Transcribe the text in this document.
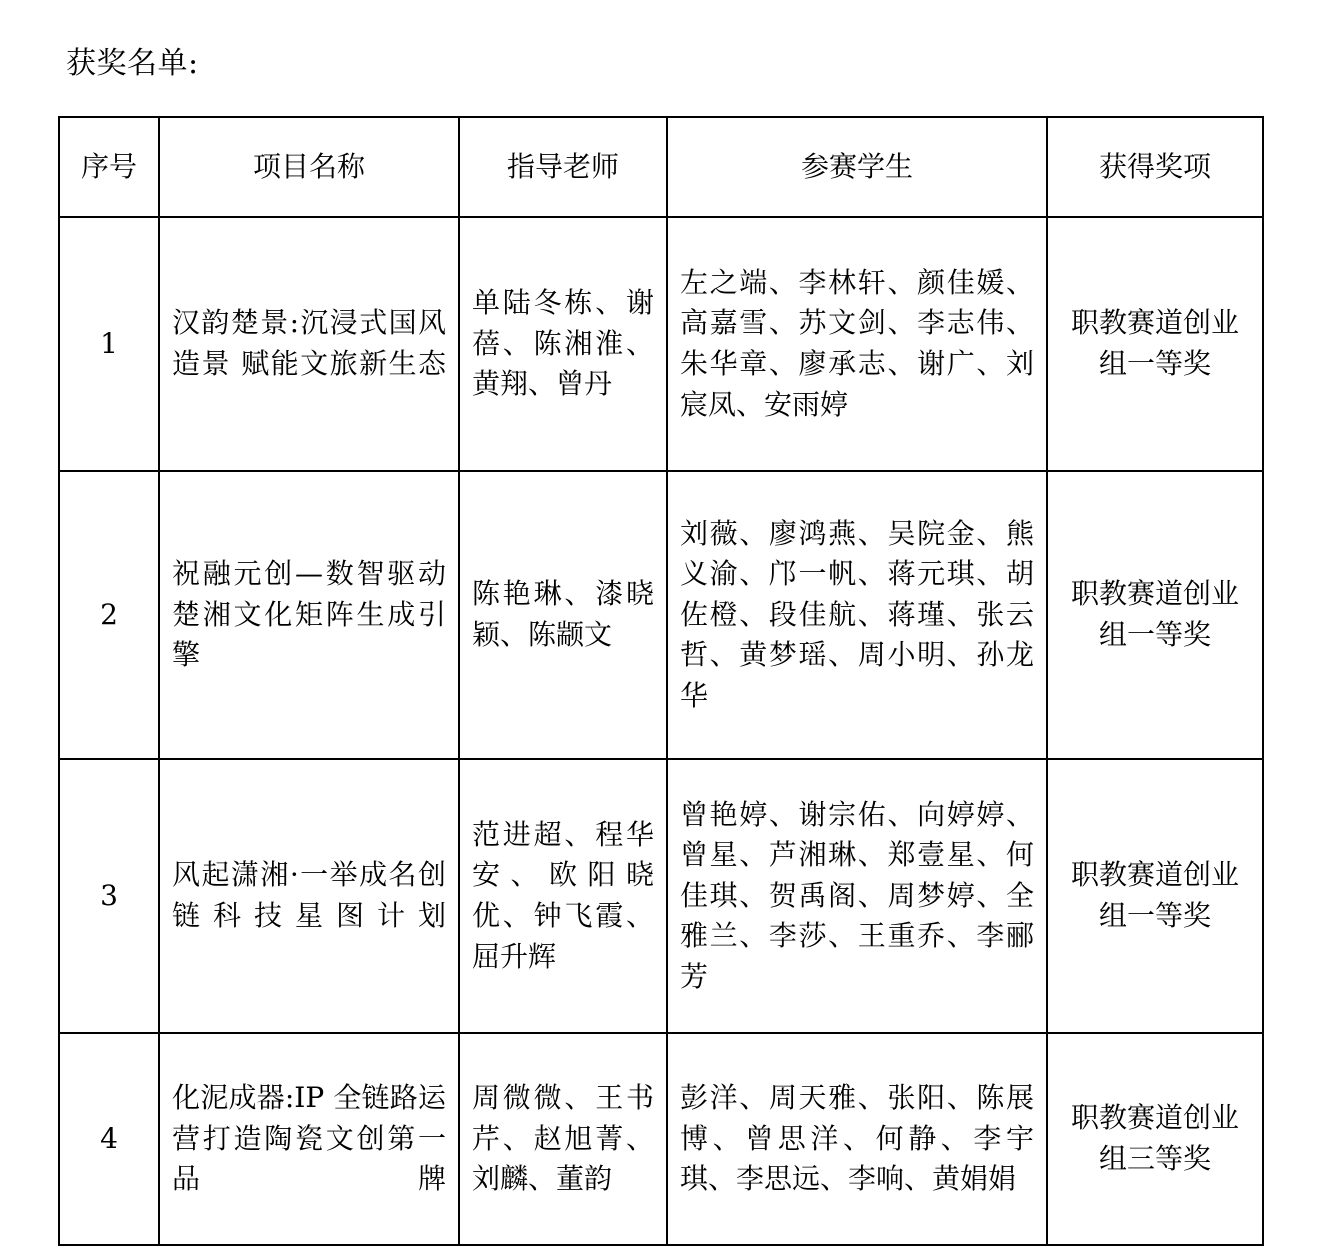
获奖名单:
序号	项目名称	指导老师	参赛学生	获得奖项
1	汉韵楚景:沉浸式国风造景 赋能文旅新生态	单陆冬栋、谢蓓、陈湘淮、黄翔、曾丹	左之端、李林轩、颜佳媛、高嘉雪、苏文剑、李志伟、朱华章、廖承志、谢广、刘宸凤、安雨婷	职教赛道创业组一等奖
2	祝融元创—数智驱动楚湘文化矩阵生成引擎	陈艳琳、漆晓颖、陈颛文	刘薇、廖鸿燕、吴院金、熊义渝、邝一帆、蒋元琪、胡佐橙、段佳航、蒋瑾、张云哲、黄梦瑶、周小明、孙龙华	职教赛道创业组一等奖
3	风起潇湘·一举成名创链科技星图计划	范进超、程华安、欧阳晓优、钟飞霞、屈升辉	曾艳婷、谢宗佑、向婷婷、曾星、芦湘琳、郑壹星、何佳琪、贺禹阁、周梦婷、全雅兰、李莎、王重乔、李郦芳	职教赛道创业组一等奖
4	化泥成器:IP 全链路运营打造陶瓷文创第一品牌	周微微、王书芹、赵旭菁、刘麟、董韵	彭洋、周天雅、张阳、陈展博、曾思洋、何静、李宇琪、李思远、李响、黄娟娟	职教赛道创业组三等奖
